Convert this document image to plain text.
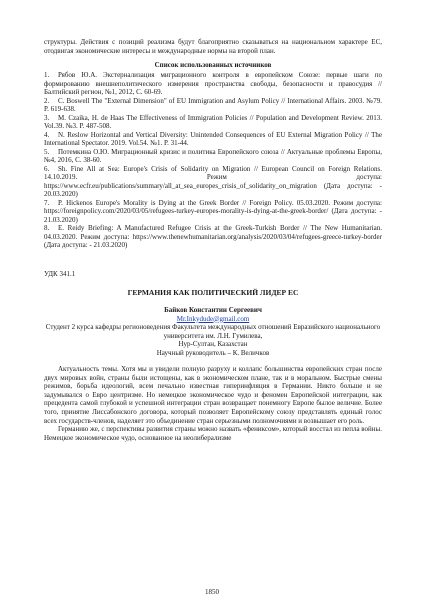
структуры. Действия с позиций реализма будут благоприятно сказываться на национальном характере ЕС, отодвигая экономические интересы и международные нормы на второй план.

Список использованных источников

1. Рябов Ю.А. Экстернализация миграционного контроля в европейском Союзе: первые шаги по формированию внешнеполитического измерения пространства свободы, безопасности и правосудия // Балтийский регион, №1, 2012, С. 60-69.

2. C. Boswell The "External Dimension" of EU Immigration and Asylum Policy // International Affairs. 2003. №79. P. 619-638.

3. M. Czaika, H. de Haas The Effectiveness of Immigration Policies // Population and Development Review. 2013. Vol.39. №3. P. 487-508.

4. N. Reslow Horizontal and Vertical Diversity: Unintended Consequences of EU External Migration Policy // The International Spectator. 2019. Vol.54. №1. P. 31-44.

5. Потемкина О.Ю. Миграционный кризис и политика Европейского союза // Актуальные проблемы Европы, №4, 2016, С. 38-60.

6. Sh. Fine All at Sea: Europe's Crisis of Solidarity on Migration // European Council on Foreign Relations. 14.10.2019. Режим доступа: https://www.ecfr.eu/publications/summary/all_at_sea_europes_crisis_of_solidarity_on_migration (Дата доступа: - 20.03.2020)

7. P. Hickenos Europe's Morality is Dying at the Greek Border // Foreign Policy. 05.03.2020. Режим доступа: https://foreignpolicy.com/2020/03/05/refugees-turkey-europes-morality-is-dying-at-the-greek-border/ (Дата доступа: - 21.03.2020)

8. E. Reidy Briefing: A Manufactured Refugee Crisis at the Greek-Turkish Border // The New Humanitarian. 04.03.2020. Режим доступа: https://www.thenewhumanitarian.org/analysis/2020/03/04/refugees-greece-turkey-border (Дата доступа: - 21.03.2020)

УДК 341.1

ГЕРМАНИЯ КАК ПОЛИТИЧЕСКИЙ ЛИДЕР ЕС

Байков Константин Сергеевич

Mr.Inkydude@gmail.com

Студент 2 курса кафедры регионоведения Факультета международных отношений Евразийского национального университета им. Л.Н. Гумилева,

Нур-Султан, Казахстан

Научный руководитель – К. Величков

Актуальность темы. Хотя мы и увидели полную разруху и коллапс большинства европейских стран после двух мировых войн, страны были истощены, как в экономическом плане, так и в моральном. Быстрые смены режимов, борьба идеологий, всем печально известная гиперинфляция в Германии. Никто больше и не задумывался о Евро центризме. Но немецкое экономическое чудо и феномен Европейской интеграции, как прецедента самой глубокой и успешной интеграции стран возвращает понемногу Европе былое величие. Более того, принятие Лиссабонского договора, который позволяет Европейскому союзу представлять единый голос всех государств-членов, наделяет это объединение стран серьезными полномочиями и возвышает его роль.

Германию же, с перспективы развития страны можно назвать «фениксом», который восстал из пепла войны. Немецкое экономическое чудо, основанное на неолиберализме

1850
